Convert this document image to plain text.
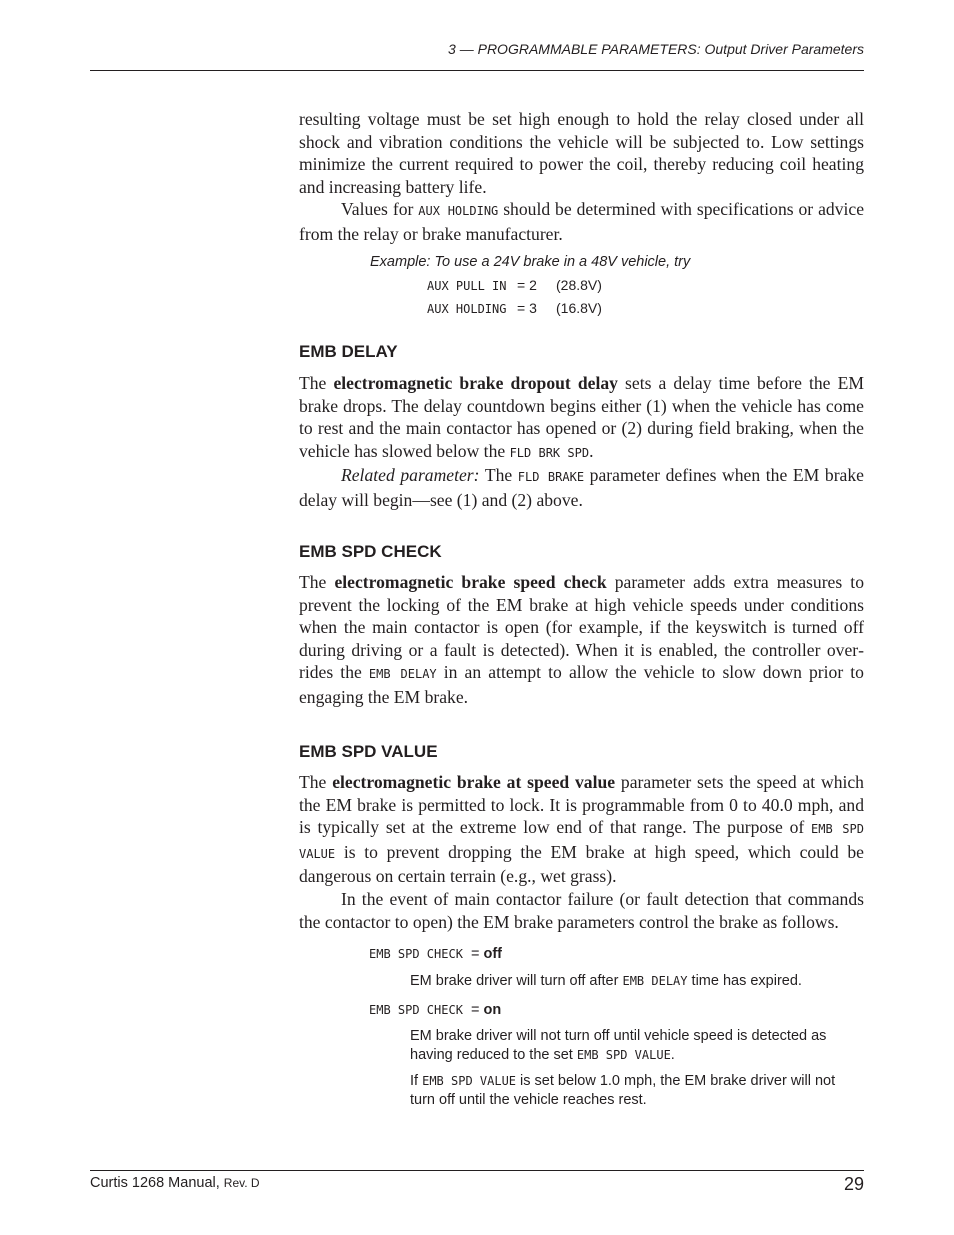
3 — PROGRAMMABLE PARAMETERS: Output Driver Parameters

resulting voltage must be set high enough to hold the relay closed under all shock and vibration conditions the vehicle will be subjected to. Low settings minimize the current required to power the coil, thereby reducing coil heating and increasing battery life.

Values for AUX HOLDING should be determined with specifications or advice from the relay or brake manufacturer.

Example: To use a 24V brake in a 48V vehicle, try
AUX PULL IN = 2 (28.8V)
AUX HOLDING = 3 (16.8V)
EMB DELAY

The electromagnetic brake dropout delay sets a delay time before the EM brake drops. The delay countdown begins either (1) when the vehicle has come to rest and the main contactor has opened or (2) during field braking, when the vehicle has slowed below the FLD BRK SPD.

Related parameter: The FLD BRAKE parameter defines when the EM brake delay will begin—see (1) and (2) above.

EMB SPD CHECK

The electromagnetic brake speed check parameter adds extra measures to prevent the locking of the EM brake at high vehicle speeds under conditions when the main contactor is open (for example, if the keyswitch is turned off during driving or a fault is detected). When it is enabled, the controller overrides the EMB DELAY in an attempt to allow the vehicle to slow down prior to engaging the EM brake.

EMB SPD VALUE

The electromagnetic brake at speed value parameter sets the speed at which the EM brake is permitted to lock. It is programmable from 0 to 40.0 mph, and is typically set at the extreme low end of that range. The purpose of EMB SPD VALUE is to prevent dropping the EM brake at high speed, which could be dangerous on certain terrain (e.g., wet grass).

In the event of main contactor failure (or fault detection that commands the contactor to open) the EM brake parameters control the brake as follows.

EMB SPD CHECK  = off
EM brake driver will turn off after EMB DELAY time has expired.
EMB SPD CHECK  = on
EM brake driver will not turn off until vehicle speed is detected as having reduced to the set EMB SPD VALUE.
If EMB SPD VALUE is set below 1.0 mph, the EM brake driver will not turn off until the vehicle reaches rest.
Curtis 1268 Manual, Rev. D	29
